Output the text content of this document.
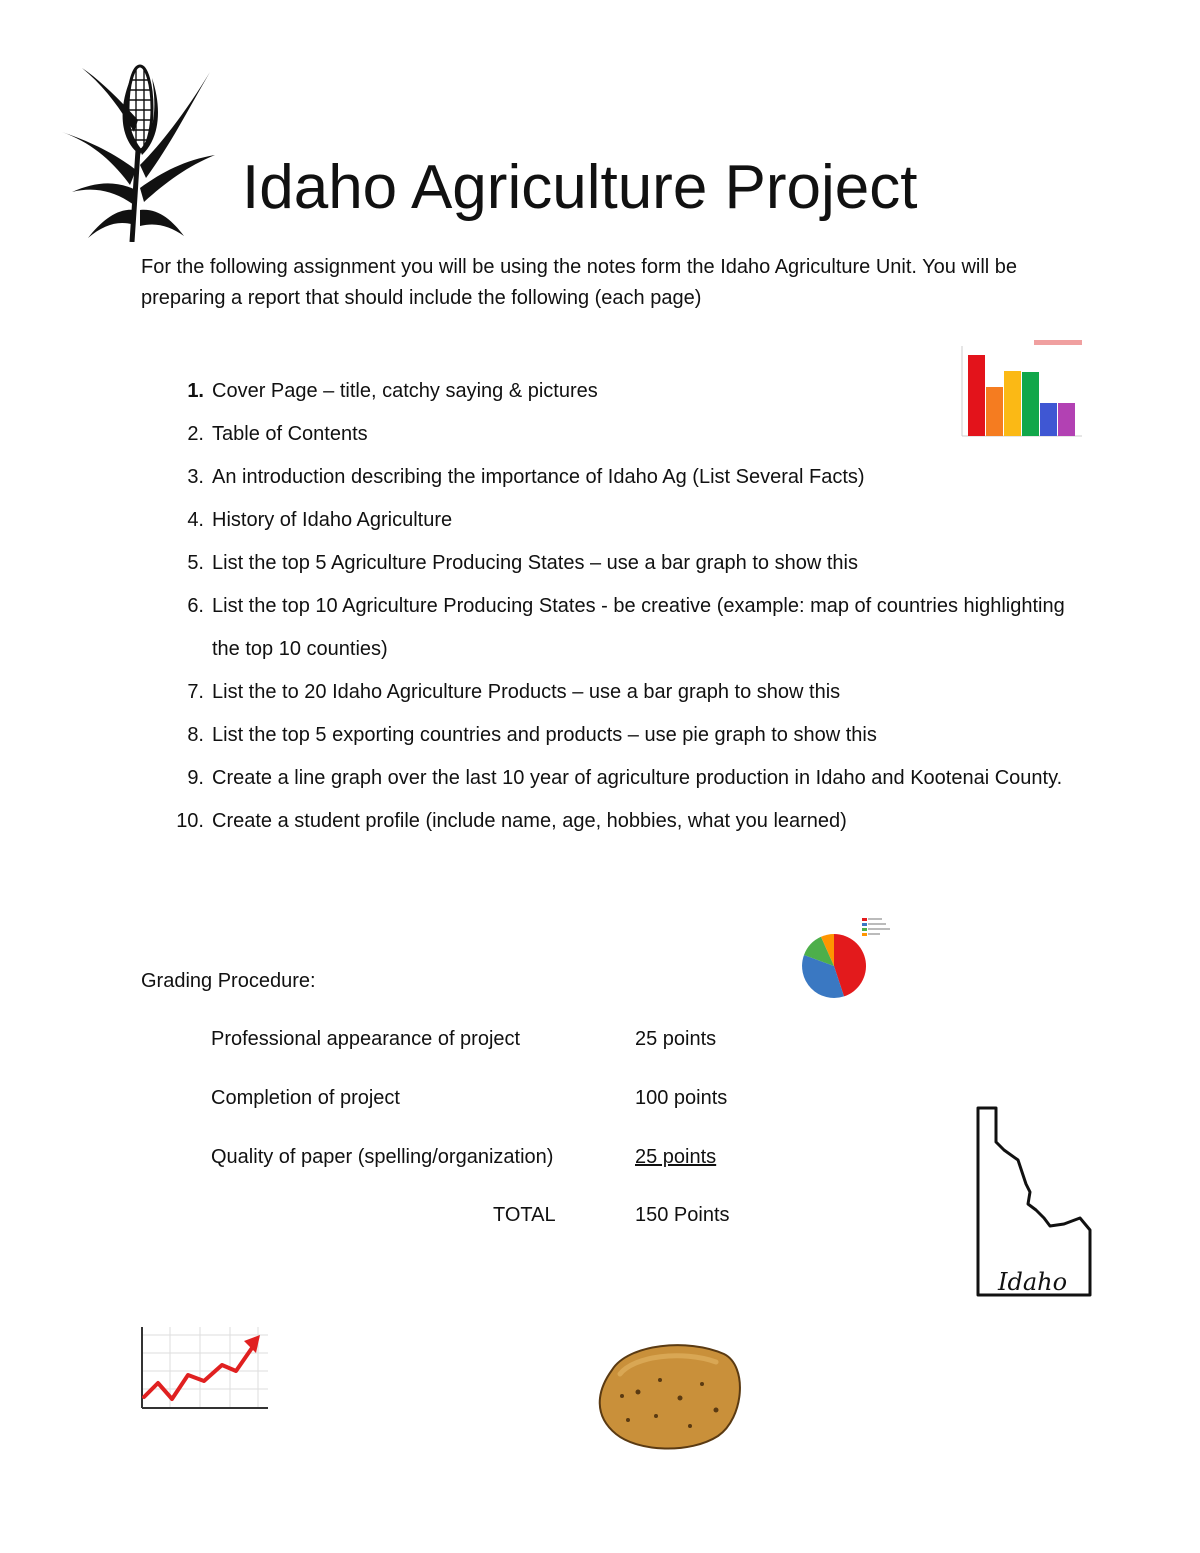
Idaho Agriculture Project

For the following assignment you will be using the notes form the Idaho Agriculture Unit. You will be preparing a report that should include the following (each page)

1. Cover Page – title, catchy saying & pictures
2. Table of Contents
3. An introduction describing the importance of Idaho Ag (List Several Facts)
4. History of Idaho Agriculture
5. List the top 5 Agriculture Producing States – use a bar graph to show this
6. List the top 10 Agriculture Producing States - be creative (example: map of countries highlighting the top 10 counties)
7. List the to 20 Idaho Agriculture Products – use a bar graph to show this
8. List the top 5 exporting countries and products – use pie graph to show this
9. Create a line graph over the last 10 year of agriculture production in Idaho and Kootenai County.
10. Create a student profile (include name, age, hobbies, what you learned)
Grading Procedure:
Professional appearance of project	25 points
Completion of project	100 points
Quality of paper (spelling/organization)	25 points
TOTAL	150 Points
Idaho
